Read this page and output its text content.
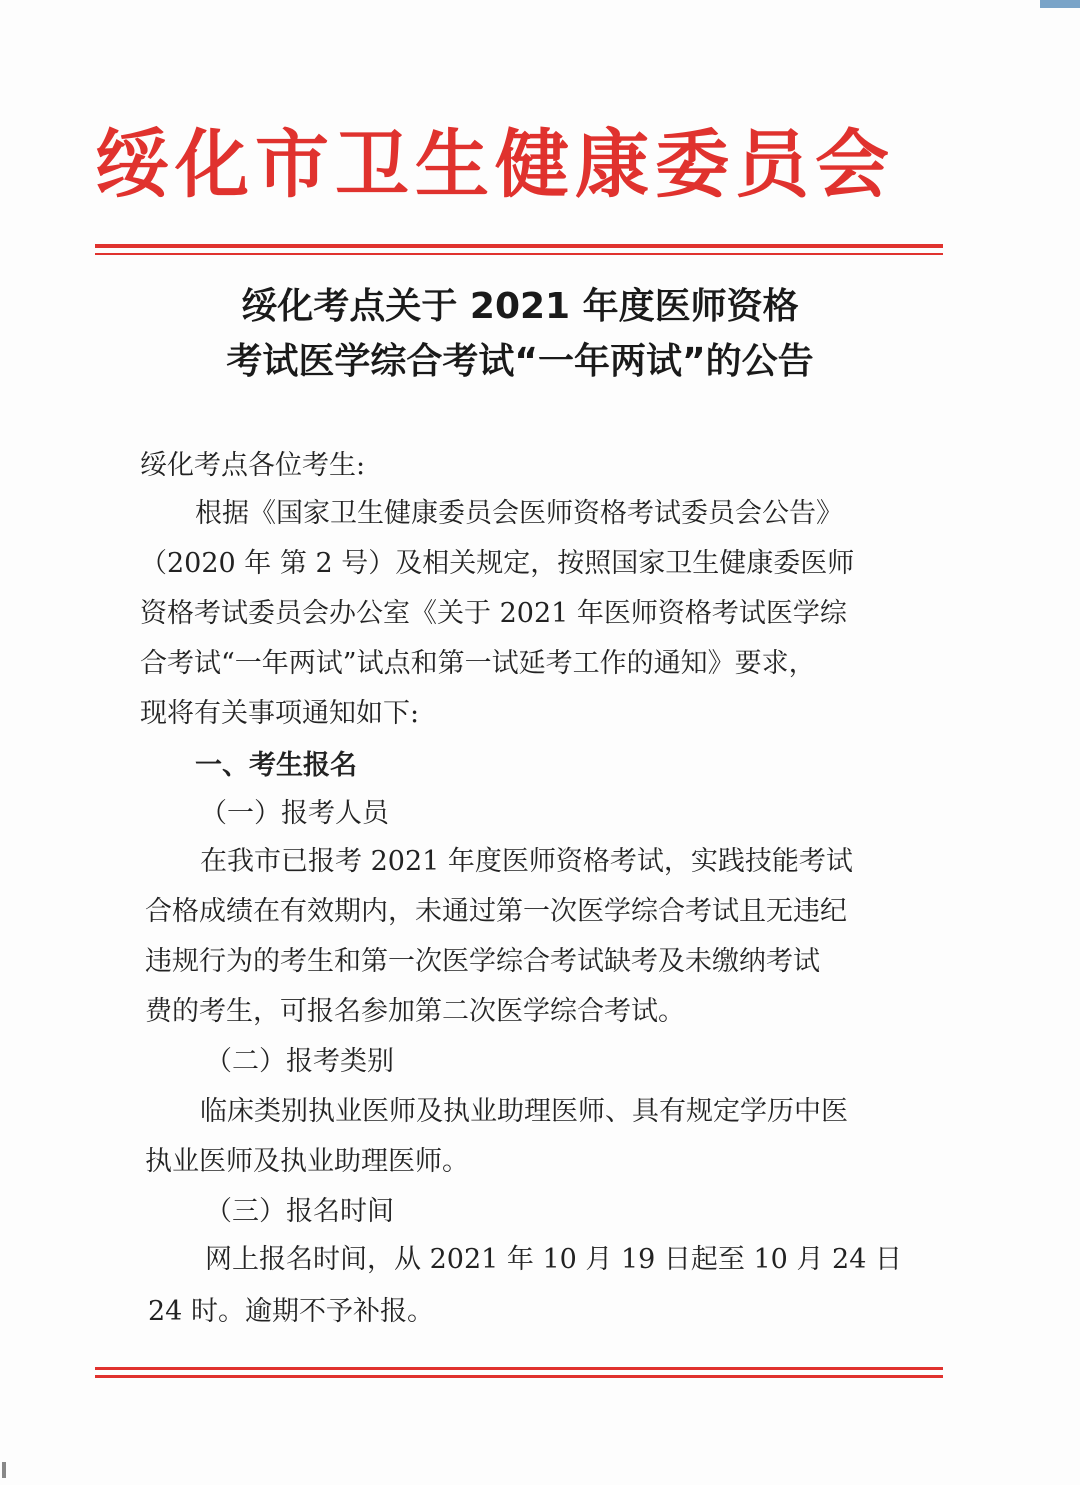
绥化市卫生健康委员会
绥化考点关于 2021 年度医师资格
考试医学综合考试“一年两试”的公告
绥化考点各位考生:
根据《国家卫生健康委员会医师资格考试委员会公告》
（2020 年 第 2 号）及相关规定，按照国家卫生健康委医师
资格考试委员会办公室《关于 2021 年医师资格考试医学综
合考试“一年两试”试点和第一试延考工作的通知》要求，
现将有关事项通知如下:
一、考生报名
（一）报考人员
在我市已报考 2021 年度医师资格考试，实践技能考试
合格成绩在有效期内，未通过第一次医学综合考试且无违纪
违规行为的考生和第一次医学综合考试缺考及未缴纳考试
费的考生，可报名参加第二次医学综合考试。
（二）报考类别
临床类别执业医师及执业助理医师、具有规定学历中医
执业医师及执业助理医师。
（三）报名时间
网上报名时间，从 2021 年 10 月 19 日起至 10 月 24 日
24 时。逾期不予补报。
